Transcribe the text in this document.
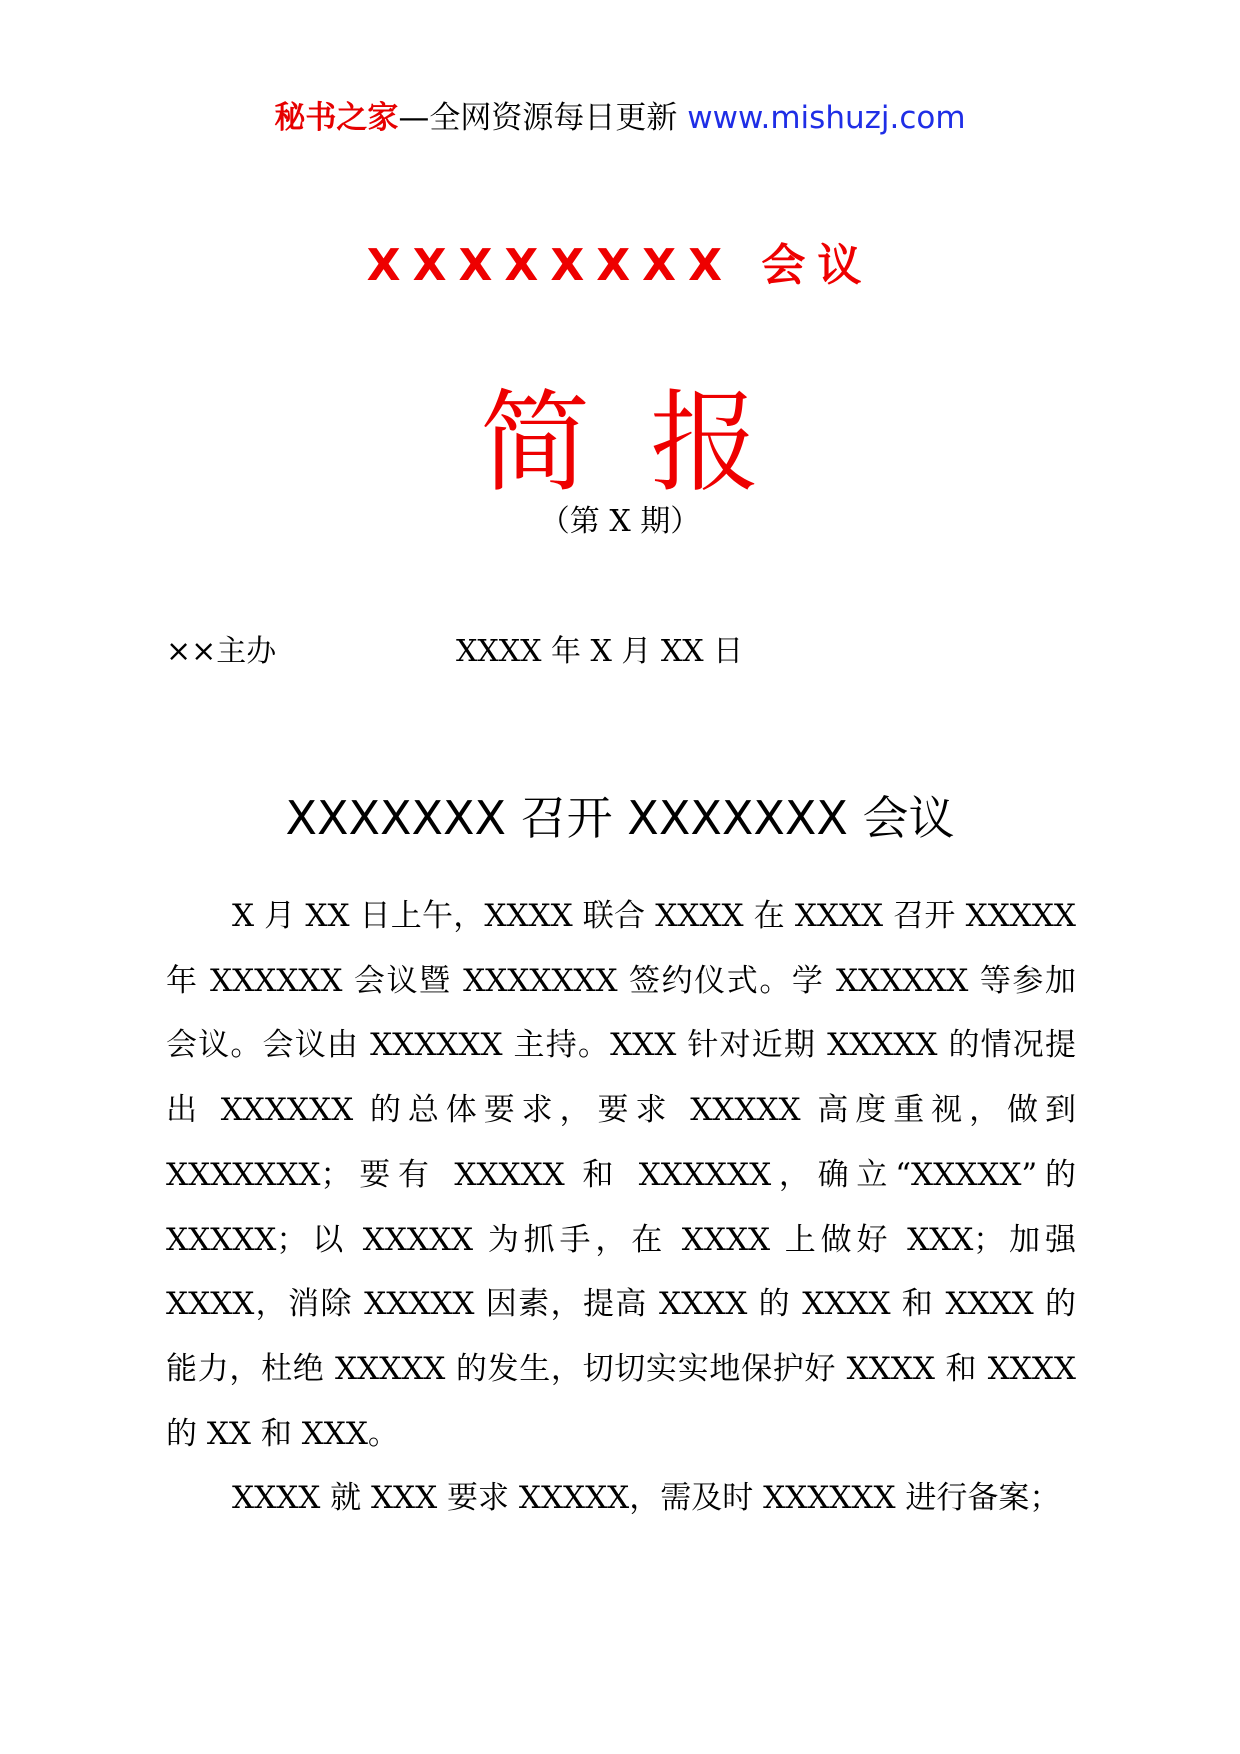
秘书之家—全网资源每日更新 www.mishuzj.com
XXXXXXXX 会议
简报
（第 X 期）
××主办	XXXX 年 X 月 XX 日
XXXXXXX 召开 XXXXXXX 会议
X 月 XX 日上午，XXXX 联合 XXXX 在 XXXX 召开 XXXXX 年 XXXXXX 会议暨 XXXXXXX 签约仪式。学 XXXXXX 等参加会议。会议由 XXXXXX 主持。XXX 针对近期 XXXXX 的情况提出 XXXXXX 的总体要求，要求 XXXXX 高度重视，做到 XXXXXXX；要有 XXXXX 和 XXXXXX，确立“XXXXX”的 XXXXX；以 XXXXX 为抓手，在 XXXX 上做好 XXX；加强 XXXX，消除 XXXXX 因素，提高 XXXX 的 XXXX 和 XXXX 的能力，杜绝 XXXXX 的发生，切切实实地保护好 XXXX 和 XXXX 的 XX 和 XXX。
XXXX 就 XXX 要求 XXXXX，需及时 XXXXXX 进行备案；
